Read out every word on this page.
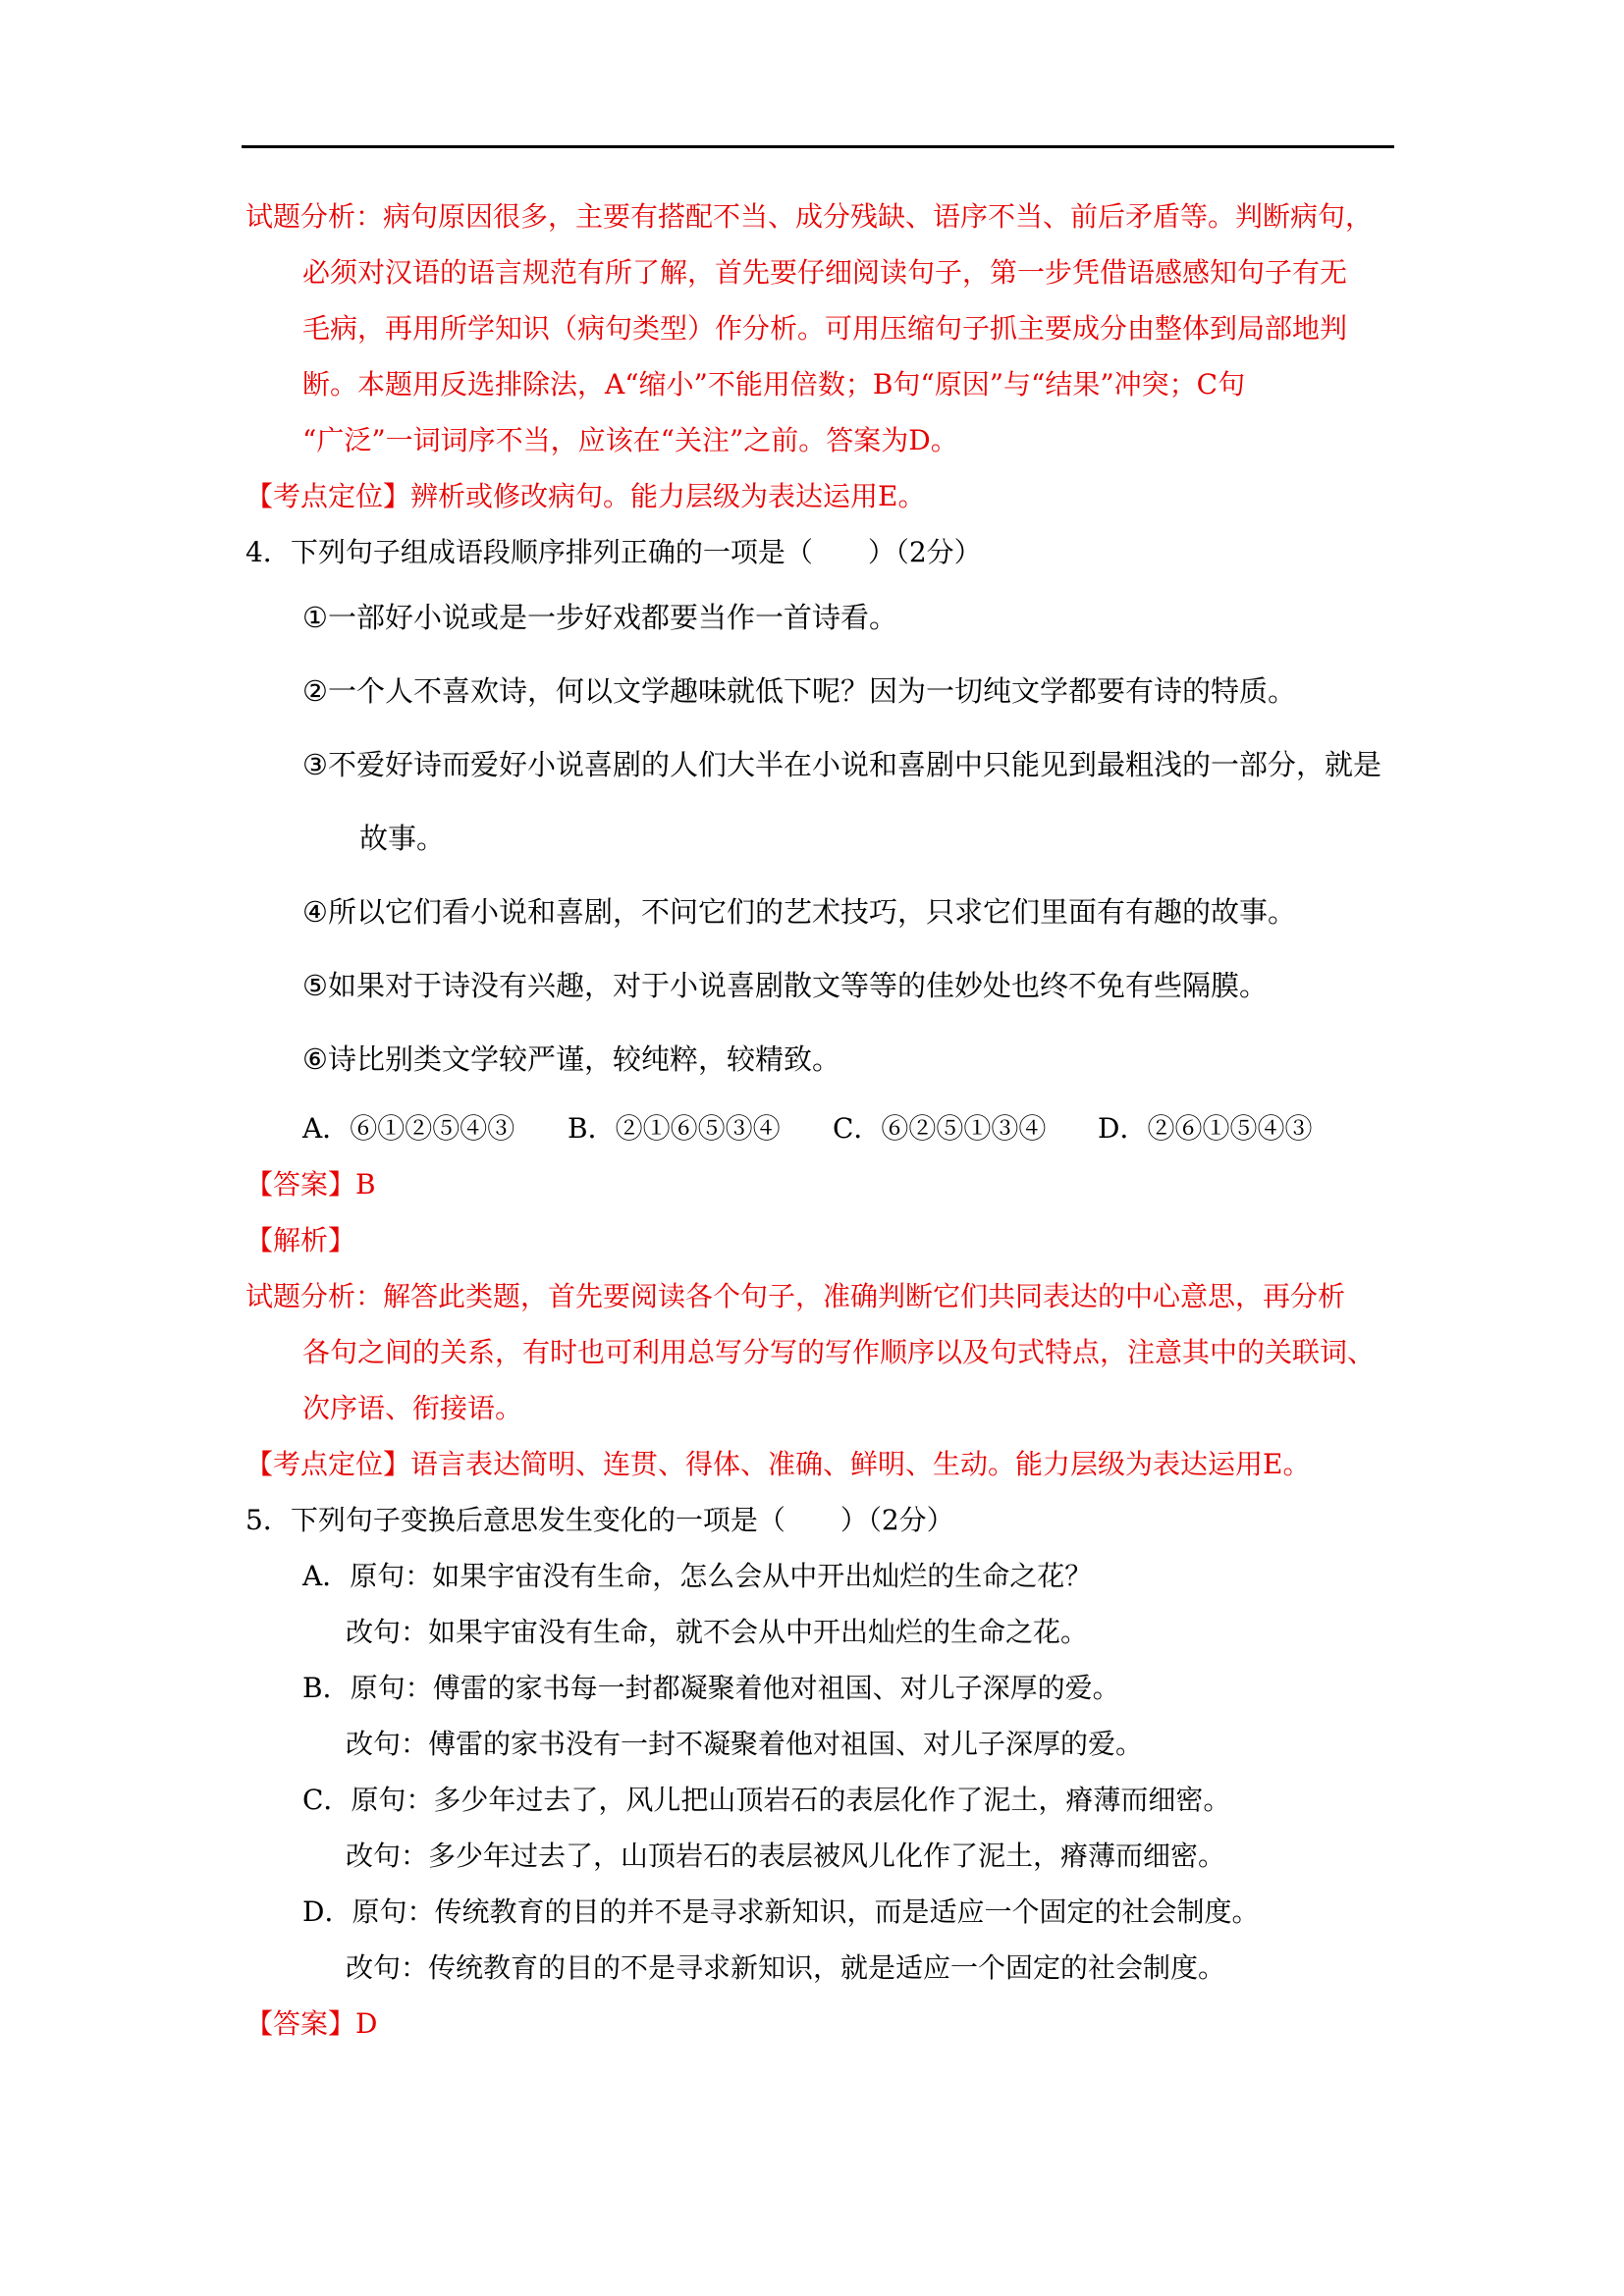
试题分析：病句原因很多，主要有搭配不当、成分残缺、语序不当、前后矛盾等。判断病句，
必须对汉语的语言规范有所了解，首先要仔细阅读句子，第一步凭借语感感知句子有无
毛病，再用所学知识（病句类型）作分析。可用压缩句子抓主要成分由整体到局部地判
断。本题用反选排除法，A“缩小”不能用倍数；B句“原因”与“结果”冲突；C句
“广泛”一词词序不当，应该在“关注”之前。答案为D。
【考点定位】辨析或修改病句。能力层级为表达运用E。
4．下列句子组成语段顺序排列正确的一项是（　　）（2分）
①一部好小说或是一步好戏都要当作一首诗看。
②一个人不喜欢诗，何以文学趣味就低下呢？因为一切纯文学都要有诗的特质。
③不爱好诗而爱好小说喜剧的人们大半在小说和喜剧中只能见到最粗浅的一部分，就是
故事。
④所以它们看小说和喜剧，不问它们的艺术技巧，只求它们里面有有趣的故事。
⑤如果对于诗没有兴趣，对于小说喜剧散文等等的佳妙处也终不免有些隔膜。
⑥诗比别类文学较严谨，较纯粹，较精致。
A．⑥①②⑤④③ B．②①⑥⑤③④ C．⑥②⑤①③④ D．②⑥①⑤④③
【答案】B
【解析】
试题分析：解答此类题，首先要阅读各个句子，准确判断它们共同表达的中心意思，再分析
各句之间的关系，有时也可利用总写分写的写作顺序以及句式特点，注意其中的关联词、
次序语、衔接语。
【考点定位】语言表达简明、连贯、得体、准确、鲜明、生动。能力层级为表达运用E。
5．下列句子变换后意思发生变化的一项是（　　）（2分）
A．原句：如果宇宙没有生命，怎么会从中开出灿烂的生命之花？
改句：如果宇宙没有生命，就不会从中开出灿烂的生命之花。
B．原句：傅雷的家书每一封都凝聚着他对祖国、对儿子深厚的爱。
改句：傅雷的家书没有一封不凝聚着他对祖国、对儿子深厚的爱。
C．原句：多少年过去了，风儿把山顶岩石的表层化作了泥土，瘠薄而细密。
改句：多少年过去了，山顶岩石的表层被风儿化作了泥土，瘠薄而细密。
D．原句：传统教育的目的并不是寻求新知识，而是适应一个固定的社会制度。
改句：传统教育的目的不是寻求新知识，就是适应一个固定的社会制度。
【答案】D
